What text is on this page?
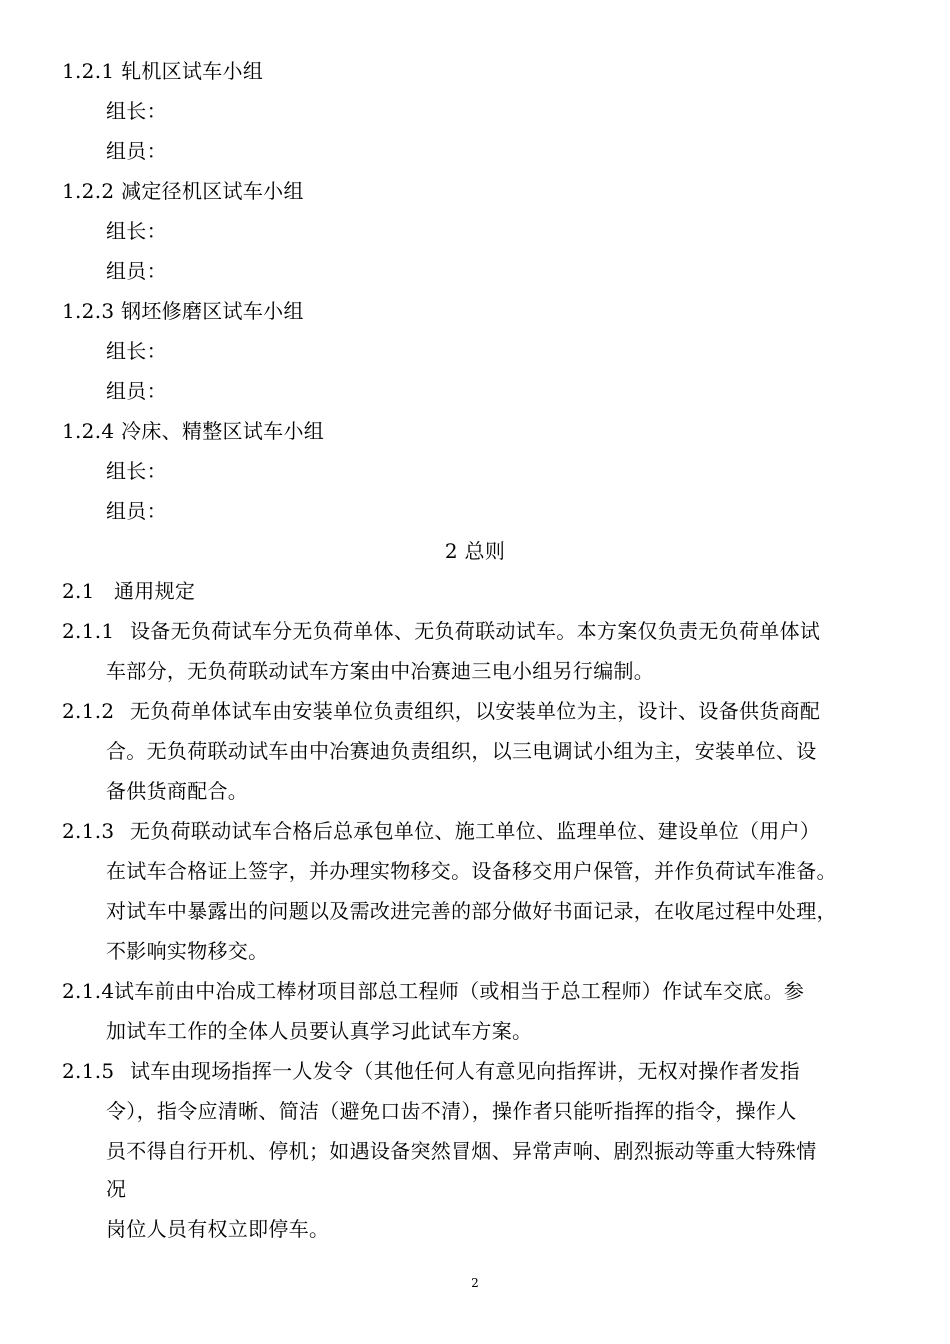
1.2.1 轧机区试车小组
组长：
组员：
1.2.2 减定径机区试车小组
组长：
组员：
1.2.3 钢坯修磨区试车小组
组长：
组员：
1.2.4 冷床、精整区试车小组
组长：
组员：
2 总则
2.1 通用规定
2.1.1 设备无负荷试车分无负荷单体、无负荷联动试车。本方案仅负责无负荷单体试
车部分，无负荷联动试车方案由中冶赛迪三电小组另行编制。
2.1.2 无负荷单体试车由安装单位负责组织，以安装单位为主，设计、设备供货商配
合。无负荷联动试车由中冶赛迪负责组织，以三电调试小组为主，安装单位、设
备供货商配合。
2.1.3 无负荷联动试车合格后总承包单位、施工单位、监理单位、建设单位（用户）
在试车合格证上签字，并办理实物移交。设备移交用户保管，并作负荷试车准备。
对试车中暴露出的问题以及需改进完善的部分做好书面记录，在收尾过程中处理，
不影响实物移交。
2.1.4试车前由中冶成工棒材项目部总工程师（或相当于总工程师）作试车交底。参
加试车工作的全体人员要认真学习此试车方案。
2.1.5 试车由现场指挥一人发令（其他任何人有意见向指挥讲，无权对操作者发指
令），指令应清晰、简洁（避免口齿不清），操作者只能听指挥的指令，操作人
员不得自行开机、停机；如遇设备突然冒烟、异常声响、剧烈振动等重大特殊情
况
岗位人员有权立即停车。
2
